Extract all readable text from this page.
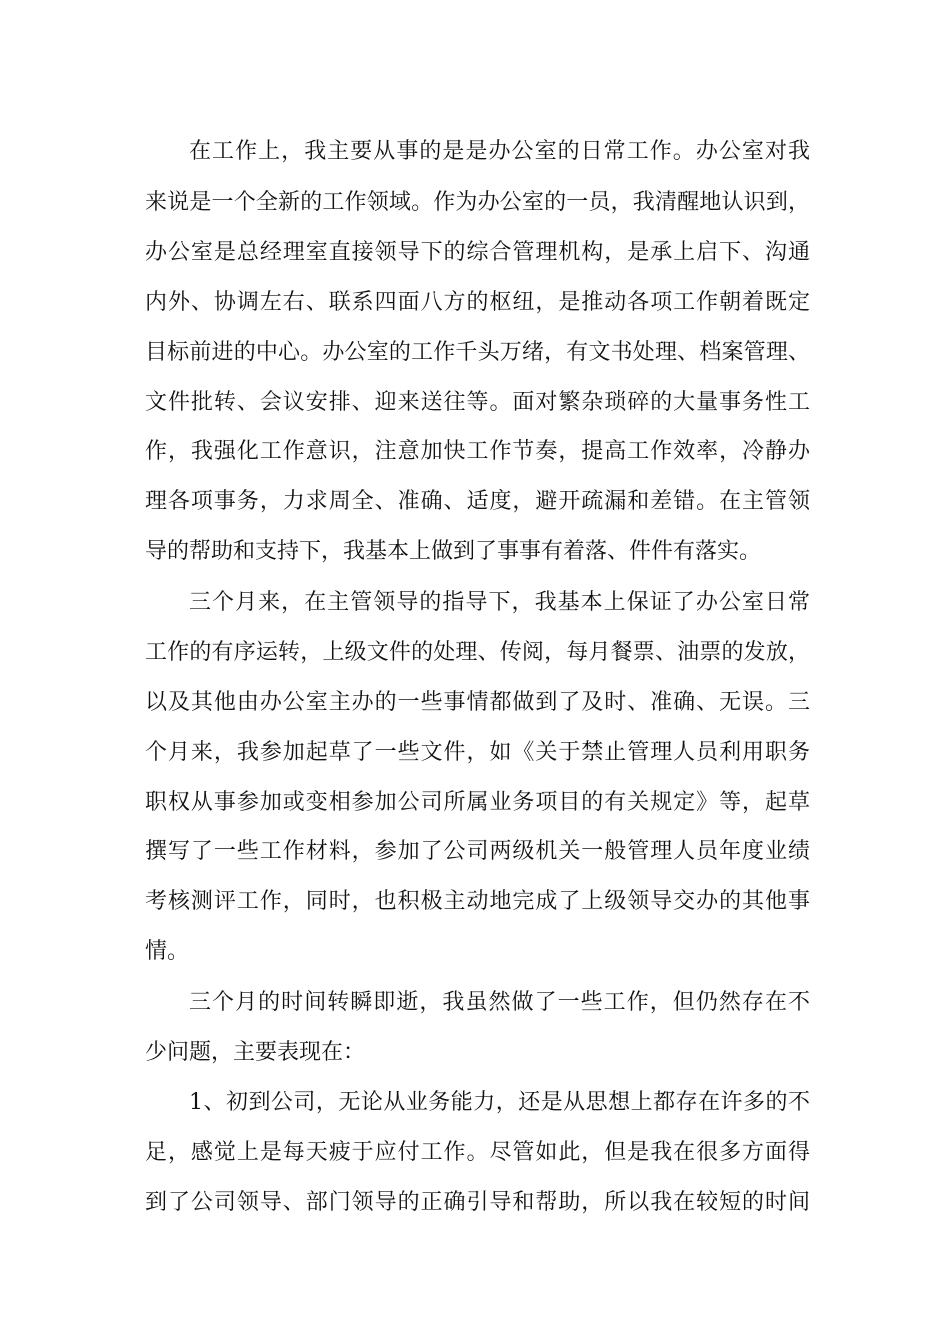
在工作上，我主要从事的是是办公室的日常工作。办公室对我
来说是一个全新的工作领域。作为办公室的一员，我清醒地认识到，
办公室是总经理室直接领导下的综合管理机构，是承上启下、沟通
内外、协调左右、联系四面八方的枢纽，是推动各项工作朝着既定
目标前进的中心。办公室的工作千头万绪，有文书处理、档案管理、
文件批转、会议安排、迎来送往等。面对繁杂琐碎的大量事务性工
作，我强化工作意识，注意加快工作节奏，提高工作效率，冷静办
理各项事务，力求周全、准确、适度，避开疏漏和差错。在主管领
导的帮助和支持下，我基本上做到了事事有着落、件件有落实。
三个月来，在主管领导的指导下，我基本上保证了办公室日常
工作的有序运转，上级文件的处理、传阅，每月餐票、油票的发放，
以及其他由办公室主办的一些事情都做到了及时、准确、无误。三
个月来，我参加起草了一些文件，如《关于禁止管理人员利用职务
职权从事参加或变相参加公司所属业务项目的有关规定》等，起草
撰写了一些工作材料，参加了公司两级机关一般管理人员年度业绩
考核测评工作，同时，也积极主动地完成了上级领导交办的其他事
情。
三个月的时间转瞬即逝，我虽然做了一些工作，但仍然存在不
少问题，主要表现在：
1、初到公司，无论从业务能力，还是从思想上都存在许多的不
足，感觉上是每天疲于应付工作。尽管如此，但是我在很多方面得
到了公司领导、部门领导的正确引导和帮助，所以我在较短的时间
